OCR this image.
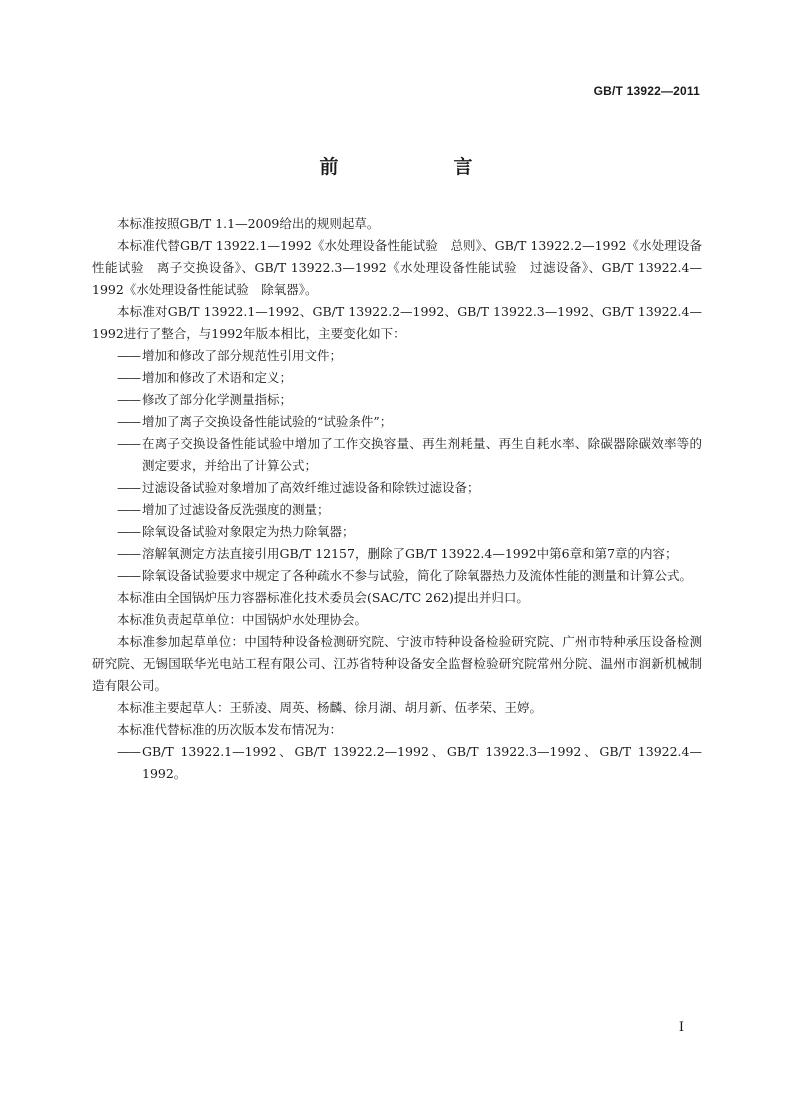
GB/T 13922—2011
前　言

本标准按照GB/T 1.1—2009给出的规则起草。

本标准代替GB/T 13922.1—1992《水处理设备性能试验　总则》、GB/T 13922.2—1992《水处理设备性能试验　离子交换设备》、GB/T 13922.3—1992《水处理设备性能试验　过滤设备》、GB/T 13922.4—1992《水处理设备性能试验　除氧器》。

本标准对GB/T 13922.1—1992、GB/T 13922.2—1992、GB/T 13922.3—1992、GB/T 13922.4—1992进行了整合，与1992年版本相比，主要变化如下：

—— 增加和修改了部分规范性引用文件；
—— 增加和修改了术语和定义；
—— 修改了部分化学测量指标；
—— 增加了离子交换设备性能试验的“试验条件”；
—— 在离子交换设备性能试验中增加了工作交换容量、再生剂耗量、再生自耗水率、除碳器除碳效率等的测定要求，并给出了计算公式；
—— 过滤设备试验对象增加了高效纤维过滤设备和除铁过滤设备；
—— 增加了过滤设备反洗强度的测量；
—— 除氧设备试验对象限定为热力除氧器；
—— 溶解氧测定方法直接引用GB/T 12157，删除了GB/T 13922.4—1992中第6章和第7章的内容；
—— 除氧设备试验要求中规定了各种疏水不参与试验，简化了除氧器热力及流体性能的测量和计算公式。

本标准由全国锅炉压力容器标准化技术委员会(SAC/TC 262)提出并归口。

本标准负责起草单位：中国锅炉水处理协会。

本标准参加起草单位：中国特种设备检测研究院、宁波市特种设备检验研究院、广州市特种承压设备检测研究院、无锡国联华光电站工程有限公司、江苏省特种设备安全监督检验研究院常州分院、温州市润新机械制造有限公司。

本标准主要起草人：王骄凌、周英、杨麟、徐月湖、胡月新、伍孝荣、王婷。

本标准代替标准的历次版本发布情况为：

—— GB/T 13922.1—1992、GB/T 13922.2—1992、GB/T 13922.3—1992、GB/T 13922.4—1992。
I
